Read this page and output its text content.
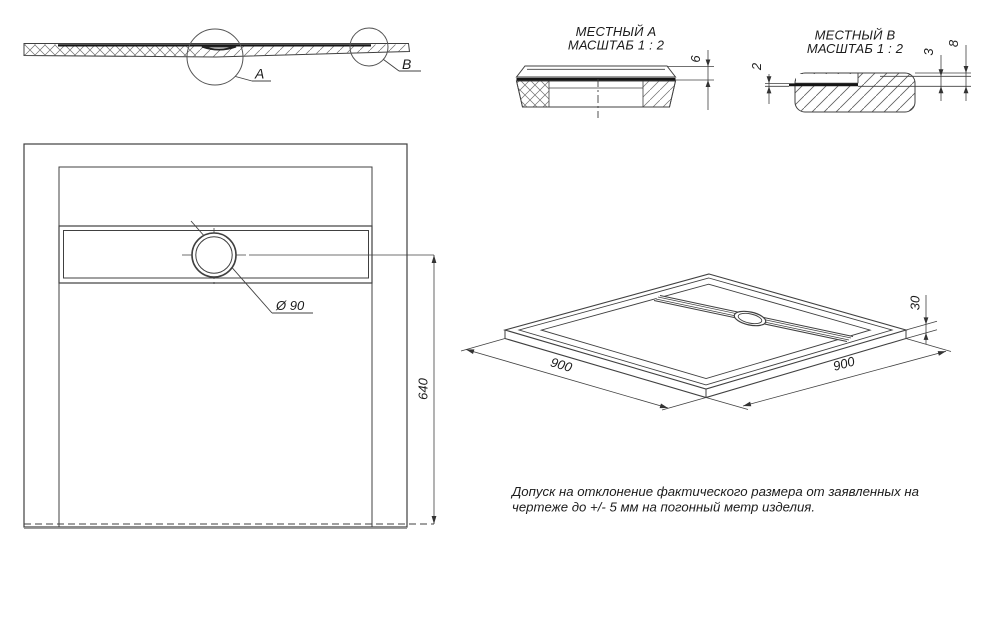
A
B
МЕСТНЫЙ А
МАСШТАБ 1 : 2
6
МЕСТНЫЙ В
МАСШТАБ 1 : 2
2
3
8
Ø 90
640
900	900
30
Допуск на отклонение фактического размера от заявленных на
чертеже до +/- 5 мм на погонный метр изделия.
